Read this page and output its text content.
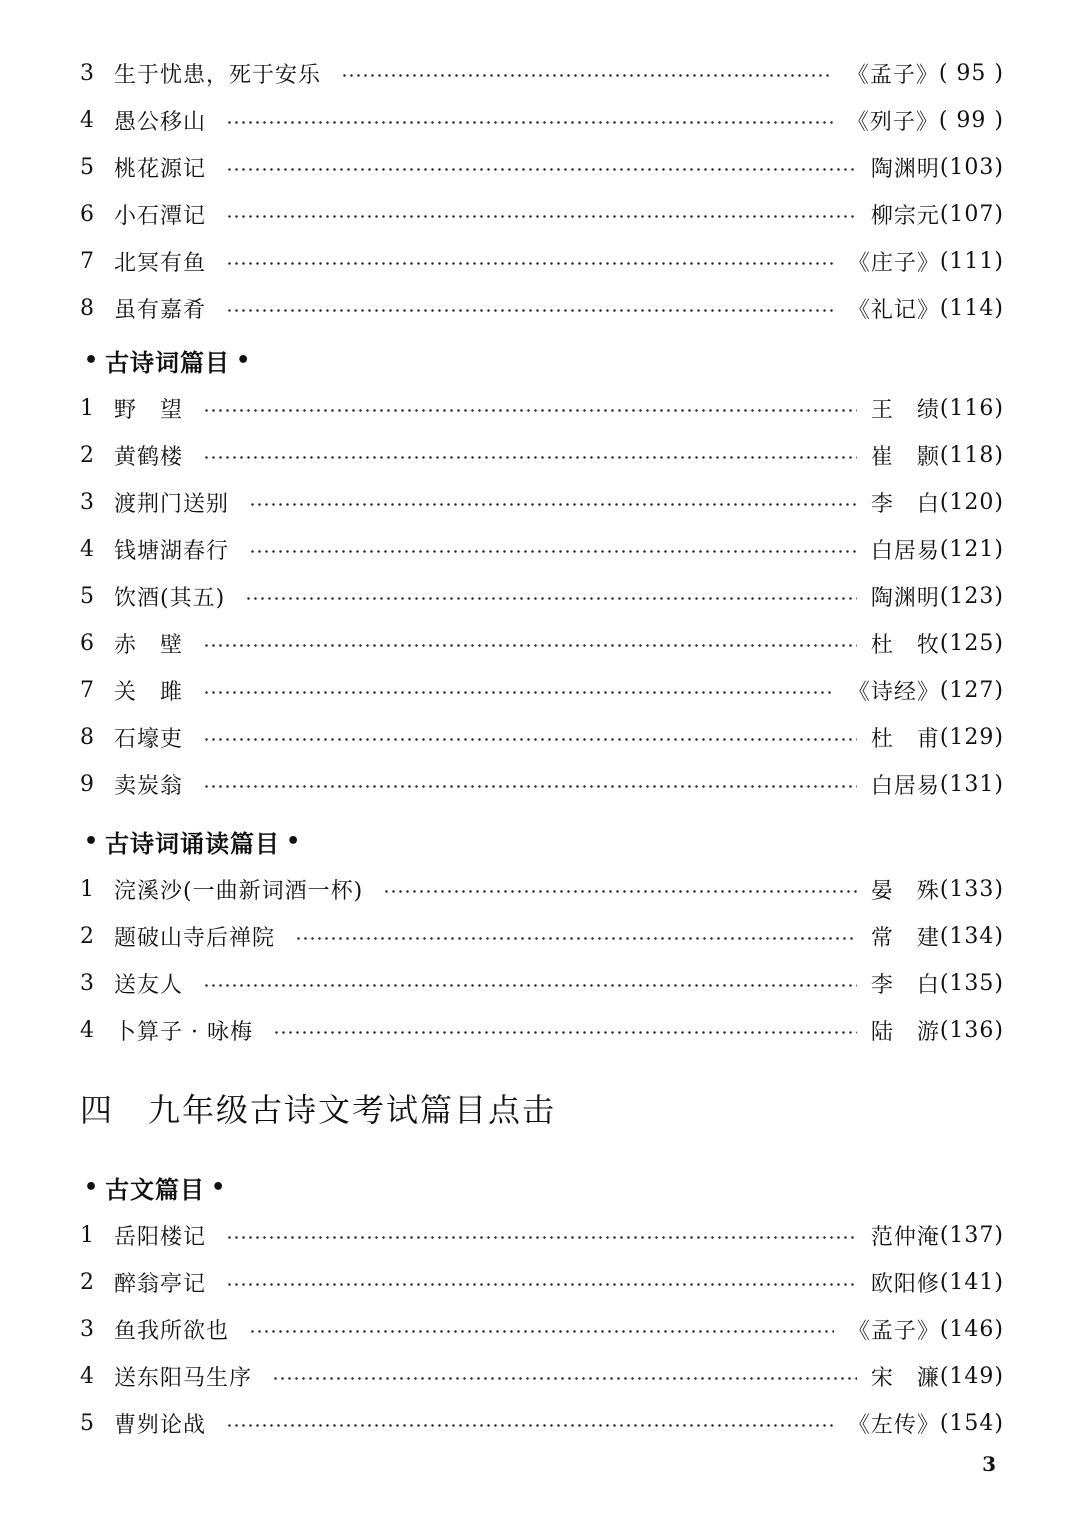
3 生于忧患，死于安乐	《孟子》 ( 95 )
4 愚公移山	《列子》 ( 99 )
5 桃花源记	陶渊明 (103)
6 小石潭记	柳宗元 (107)
7 北冥有鱼	《庄子》 (111)
8 虽有嘉肴	《礼记》 (114)
• 古诗词篇目 •
1 野　望	王　绩 (116)
2 黄鹤楼	崔　颢 (118)
3 渡荆门送别	李　白 (120)
4 钱塘湖春行	白居易 (121)
5 饮酒(其五)	陶渊明 (123)
6 赤　壁	杜　牧 (125)
7 关　雎	《诗经》 (127)
8 石壕吏	杜　甫 (129)
9 卖炭翁	白居易 (131)
• 古诗词诵读篇目 •
1 浣溪沙(一曲新词酒一杯)	晏　殊 (133)
2 题破山寺后禅院	常　建 (134)
3 送友人	李　白 (135)
4 卜算子 · 咏梅	陆　游 (136)
四	九年级古诗文考试篇目点击
• 古文篇目 •
1 岳阳楼记	范仲淹 (137)
2 醉翁亭记	欧阳修 (141)
3 鱼我所欲也	《孟子》 (146)
4 送东阳马生序	宋　濂 (149)
5 曹刿论战	《左传》 (154)
3
